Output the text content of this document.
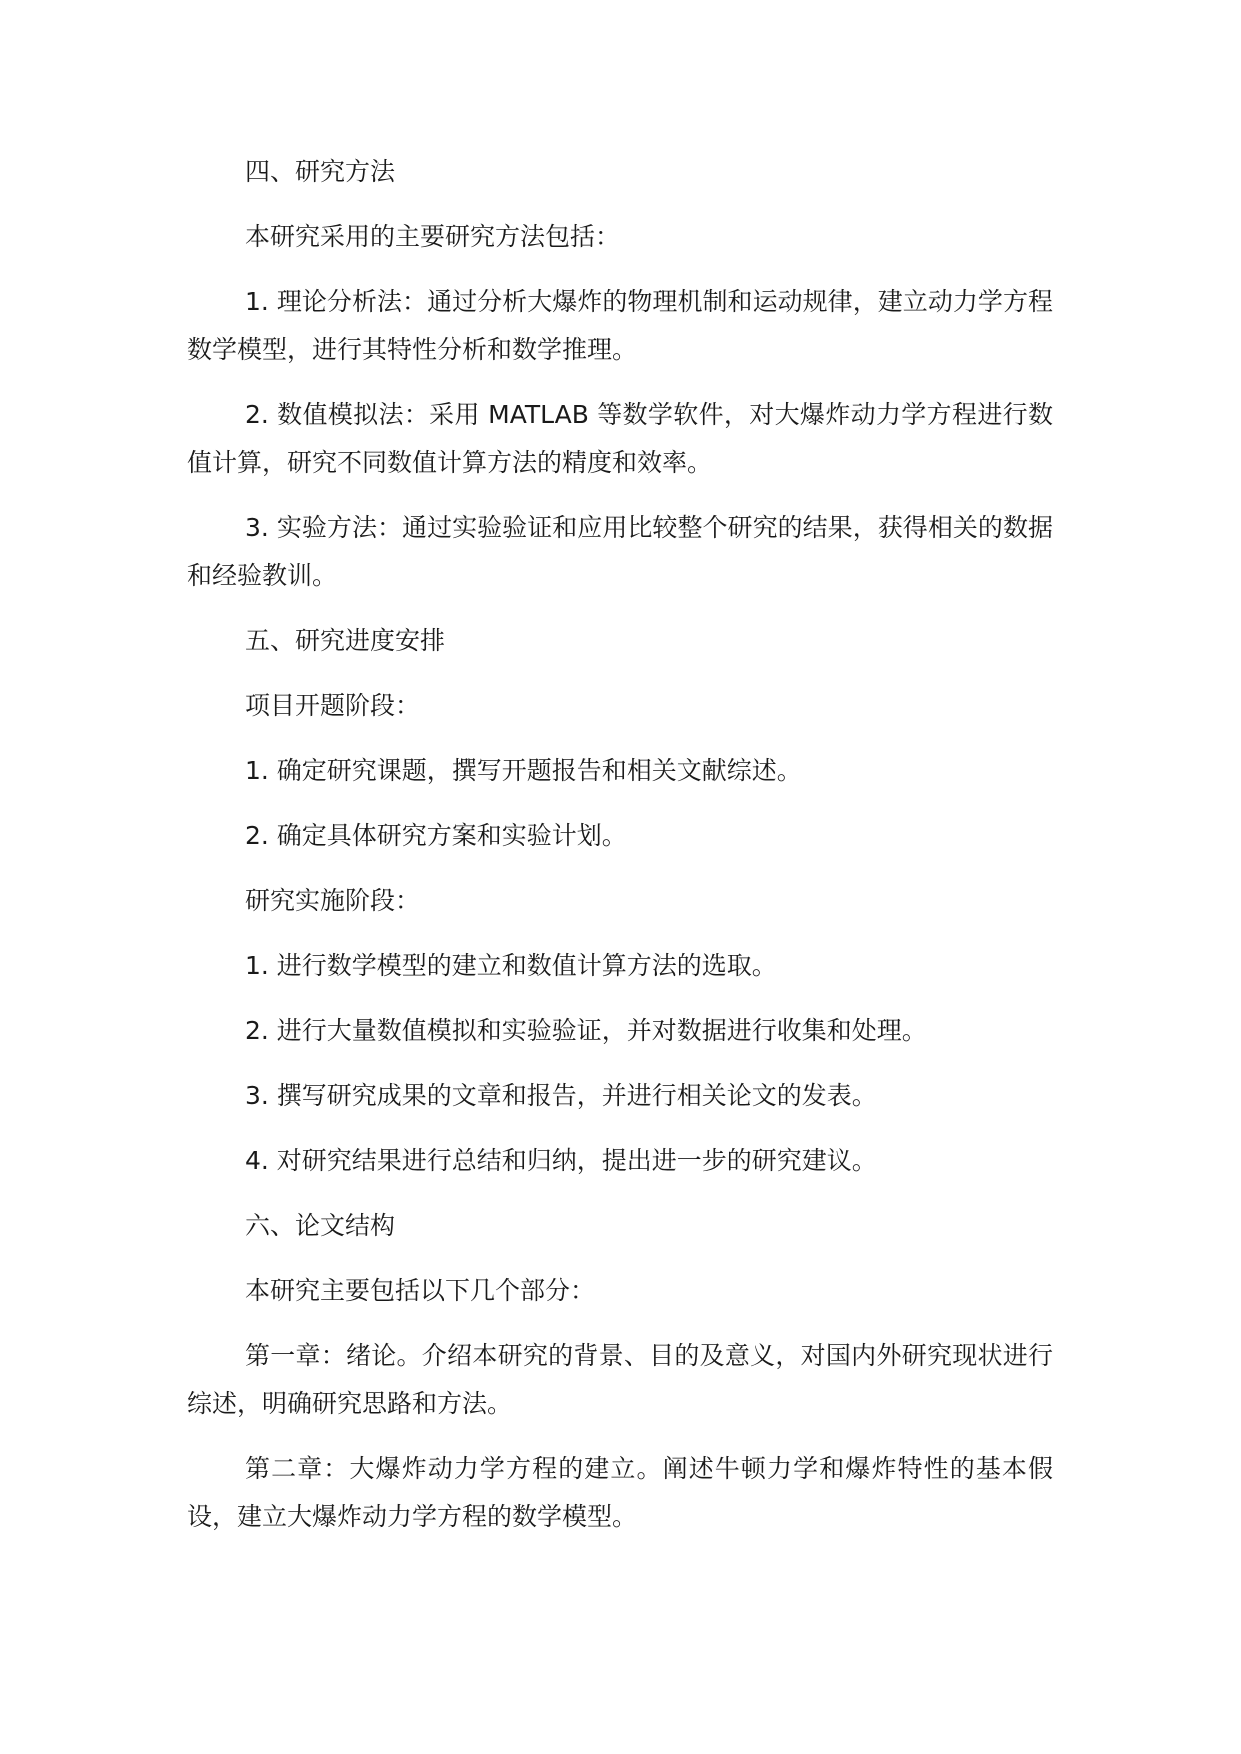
四、研究方法

本研究采用的主要研究方法包括：

1. 理论分析法：通过分析大爆炸的物理机制和运动规律，建立动力学方程数学模型，进行其特性分析和数学推理。

2. 数值模拟法：采用 MATLAB 等数学软件，对大爆炸动力学方程进行数值计算，研究不同数值计算方法的精度和效率。

3. 实验方法：通过实验验证和应用比较整个研究的结果，获得相关的数据和经验教训。

五、研究进度安排

项目开题阶段：

1. 确定研究课题，撰写开题报告和相关文献综述。

2. 确定具体研究方案和实验计划。

研究实施阶段：

1. 进行数学模型的建立和数值计算方法的选取。

2. 进行大量数值模拟和实验验证，并对数据进行收集和处理。

3. 撰写研究成果的文章和报告，并进行相关论文的发表。

4. 对研究结果进行总结和归纳，提出进一步的研究建议。

六、论文结构

本研究主要包括以下几个部分：

第一章：绪论。介绍本研究的背景、目的及意义，对国内外研究现状进行综述，明确研究思路和方法。

第二章：大爆炸动力学方程的建立。阐述牛顿力学和爆炸特性的基本假设，建立大爆炸动力学方程的数学模型。
